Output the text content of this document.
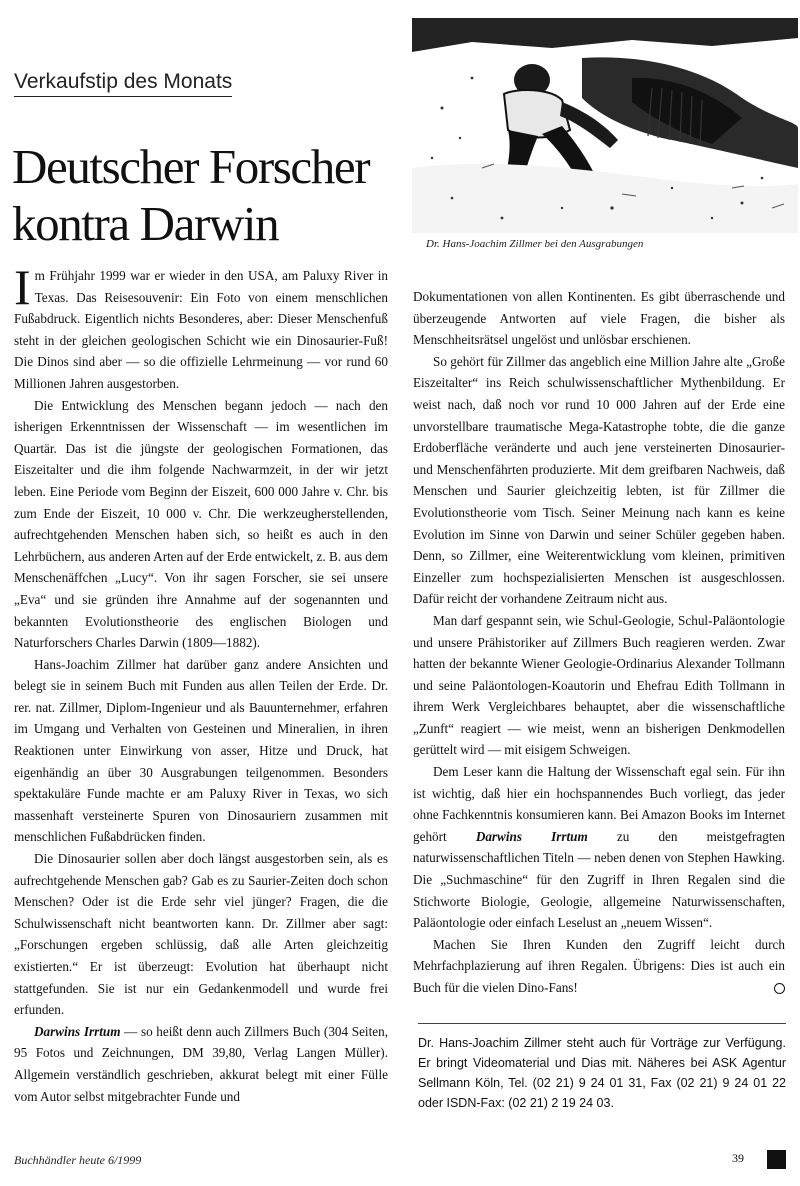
Verkaufstip des Monats
Deutscher Forscher
kontra Darwin	Dr. Hans-Joachim Zillmer bei den Ausgrabungen

Im Frühjahr 1999 war er wieder in den USA, am Paluxy River in Texas. Das Reisesouvenir: Ein Foto von einem menschlichen Fußabdruck. Eigentlich nichts Besonderes, aber: Dieser Menschenfuß steht in der gleichen geologischen Schicht wie ein Dinosaurier-Fuß! Die Dinos sind aber — so die offizielle Lehrmeinung — vor rund 60 Millionen Jahren ausgestorben.

Die Entwicklung des Menschen begann jedoch — nach den isherigen Erkenntnissen der Wissenschaft — im wesentlichen im Quartär. Das ist die jüngste der geologischen Formationen, das Eiszeitalter und die ihm folgende Nachwarmzeit, in der wir jetzt leben. Eine Periode vom Beginn der Eiszeit, 600 000 Jahre v. Chr. bis zum Ende der Eiszeit, 10 000 v. Chr. Die werkzeugherstellenden, aufrechtgehenden Menschen haben sich, so heißt es auch in den Lehrbüchern, aus anderen Arten auf der Erde entwickelt, z. B. aus dem Menschenäffchen „Lucy“. Von ihr sagen Forscher, sie sei unsere „Eva“ und sie gründen ihre Annahme auf der sogenannten und bekannten Evolutionstheorie des englischen Biologen und Naturforschers Charles Darwin (1809—1882).

Hans-Joachim Zillmer hat darüber ganz andere Ansichten und belegt sie in seinem Buch mit Funden aus allen Teilen der Erde. Dr. rer. nat. Zillmer, Diplom-Ingenieur und als Bauunternehmer, erfahren im Umgang und Verhalten von Gesteinen und Mineralien, in ihren Reaktionen unter Einwirkung von asser, Hitze und Druck, hat eigenhändig an über 30 Ausgrabungen teilgenommen. Besonders spektakuläre Funde machte er am Paluxy River in Texas, wo sich massenhaft versteinerte Spuren von Dinosauriern zusammen mit menschlichen Fußabdrücken finden.

Die Dinosaurier sollen aber doch längst ausgestorben sein, als es aufrechtgehende Menschen gab? Gab es zu Saurier-Zeiten doch schon Menschen? Oder ist die Erde sehr viel jünger? Fragen, die die Schulwissenschaft nicht beantworten kann. Dr. Zillmer aber sagt: „Forschungen ergeben schlüssig, daß alle Arten gleichzeitig existierten.“ Er ist überzeugt: Evolution hat überhaupt nicht stattgefunden. Sie ist nur ein Gedankenmodell und wurde frei erfunden.

Darwins Irrtum — so heißt denn auch Zillmers Buch (304 Seiten, 95 Fotos und Zeichnungen, DM 39,80, Verlag Langen Müller). Allgemein verständlich geschrieben, akkurat belegt mit einer Fülle vom Autor selbst mitgebrachter Funde und

Dokumentationen von allen Kontinenten. Es gibt überraschende und überzeugende Antworten auf viele Fragen, die bisher als Menschheitsrätsel ungelöst und unlösbar erschienen.

So gehört für Zillmer das angeblich eine Million Jahre alte „Große Eiszeitalter“ ins Reich schulwissenschaftlicher Mythenbildung. Er weist nach, daß noch vor rund 10 000 Jahren auf der Erde eine unvorstellbare traumatische Mega-Katastrophe tobte, die die ganze Erdoberfläche veränderte und auch jene versteinerten Dinosaurier- und Menschenfährten produzierte. Mit dem greifbaren Nachweis, daß Menschen und Saurier gleichzeitig lebten, ist für Zillmer die Evolutionstheorie vom Tisch. Seiner Meinung nach kann es keine Evolution im Sinne von Darwin und seiner Schüler gegeben haben. Denn, so Zillmer, eine Weiterentwicklung vom kleinen, primitiven Einzeller zum hochspezialisierten Menschen ist ausgeschlossen. Dafür reicht der vorhandene Zeitraum nicht aus.

Man darf gespannt sein, wie Schul-Geologie, Schul-Paläontologie und unsere Prähistoriker auf Zillmers Buch reagieren werden. Zwar hatten der bekannte Wiener Geologie-Ordinarius Alexander Tollmann und seine Paläontologen-Koautorin und Ehefrau Edith Tollmann in ihrem Werk Vergleichbares behauptet, aber die wissenschaftliche „Zunft“ reagiert — wie meist, wenn an bisherigen Denkmodellen gerüttelt wird — mit eisigem Schweigen.

Dem Leser kann die Haltung der Wissenschaft egal sein. Für ihn ist wichtig, daß hier ein hochspannendes Buch vorliegt, das jeder ohne Fachkenntnis konsumieren kann. Bei Amazon Books im Internet gehört Darwins Irrtum zu den meistgefragten naturwissenschaftlichen Titeln — neben denen von Stephen Hawking. Die „Suchmaschine“ für den Zugriff in Ihren Regalen sind die Stichworte Biologie, Geologie, allgemeine Naturwissenschaften, Paläontologie oder einfach Leselust an „neuem Wissen“.

Machen Sie Ihren Kunden den Zugriff leicht durch Mehrfachplazierung auf ihren Regalen. Übrigens: Dies ist auch ein Buch für die vielen Dino-Fans!

Dr. Hans-Joachim Zillmer steht auch für Vorträge zur Verfügung. Er bringt Videomaterial und Dias mit. Näheres bei ASK Agentur Sellmann Köln, Tel. (02 21) 9 24 01 31, Fax (02 21) 9 24 01 22 oder ISDN-Fax: (02 21) 2 19 24 03.
Buchhändler heute 6/1999	39
